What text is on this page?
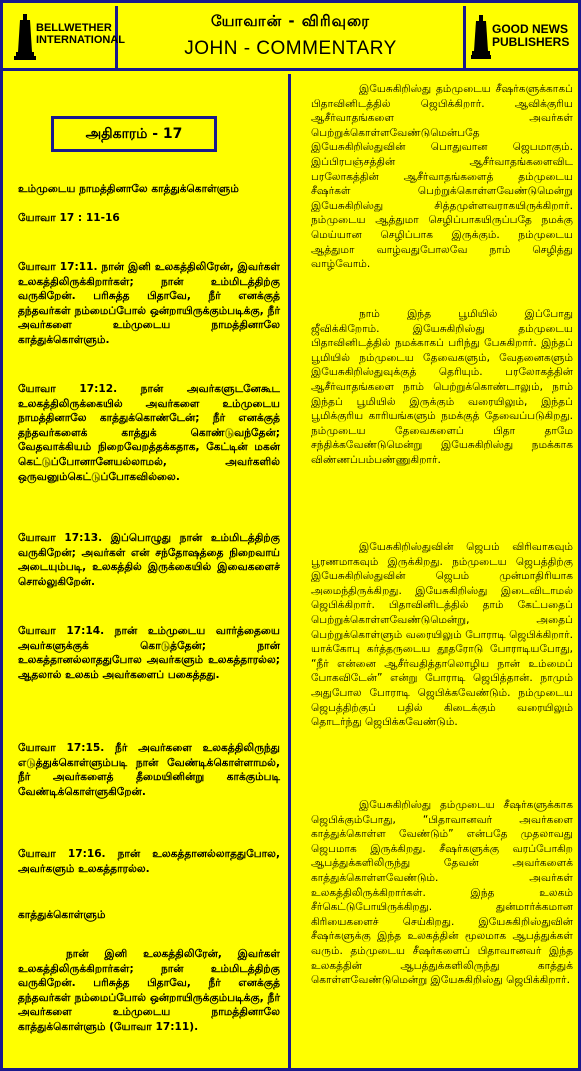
BELLWETHER INTERNATIONAL
யோவான் - விரிவுரை
JOHN - COMMENTARY
GOOD NEWS PUBLISHERS
அதிகாரம் - 17
உம்முடைய நாமத்தினாலே காத்துக்கொள்ளும்
யோவா 17 : 11-16
யோவா 17:11. நான் இனி உலகத்திலிரேன், இவர்கள் உலகத்திலிருக்கிறார்கள்; நான் உம்மிடத்திற்கு வருகிறேன். பரிசுத்த பிதாவே, நீர் எனக்குத் தந்தவர்கள் நம்மைப்போல் ஒன்றாயிருக்கும்படிக்கு, நீர் அவர்களை உம்முடைய நாமத்தினாலே காத்துக்கொள்ளும்.
யோவா 17:12. நான் அவர்களுடனேகூட உலகத்திலிருக்கையில் அவர்களை உம்முடைய நாமத்தினாலே காத்துக்கொண்டேன்; நீர் எனக்குத் தந்தவர்களைக் காத்துக் கொண்டுவந்தேன்; வேதவாக்கியம் நிறைவேறத்தக்கதாக, கேட்டின் மகன் கெட்டுப்போனானேயல்லாமல், அவர்களில் ஒருவனும்கெட்டுப்போகவில்லை.
யோவா 17:13. இப்பொழுது நான் உம்மிடத்திற்கு வருகிறேன்; அவர்கள் என் சந்தோஷத்தை நிறைவாய் அடையும்படி, உலகத்தில் இருக்கையில் இவைகளைச் சொல்லுகிறேன்.
யோவா 17:14. நான் உம்முடைய வார்த்தையை அவர்களுக்குக் கொடுத்தேன்; நான் உலகத்தானல்லாததுபோல அவர்களும் உலகத்தாரல்ல; ஆதலால் உலகம் அவர்களைப் பகைத்தது.
யோவா 17:15. நீர் அவர்களை உலகத்திலிருந்து எடுத்துக்கொள்ளும்படி நான் வேண்டிக்கொள்ளாமல், நீர் அவர்களைத் தீமையினின்று காக்கும்படி வேண்டிக்கொள்ளுகிறேன்.
யோவா 17:16. நான் உலகத்தானல்லாததுபோல, அவர்களும் உலகத்தாரல்ல.
காத்துக்கொள்ளும்
நான் இனி உலகத்திலிரேன், இவர்கள் உலகத்திலிருக்கிறார்கள்; நான் உம்மிடத்திற்கு வருகிறேன். பரிசுத்த பிதாவே, நீர் எனக்குத் தந்தவர்கள் நம்மைப்போல் ஒன்றாயிருக்கும்படிக்கு, நீர் அவர்களை உம்முடைய நாமத்தினாலே காத்துக்கொள்ளும் (யோவா 17:11).
இயேசுகிறிஸ்து தம்முடைய சீஷர்களுக்காகப் பிதாவினிடத்தில் ஜெபிக்கிறார். ஆவிக்குரிய ஆசீர்வாதங்களை அவர்கள் பெற்றுக்கொள்ளவேண்டுமென்பதே இயேசுகிறிஸ்துவின் பொதுவான ஜெபமாகும். இப்பிரபஞ்சத்தின் ஆசீர்வாதங்களைவிட பரலோகத்தின் ஆசீர்வாதங்களைத் தம்முடைய சீஷர்கள் பெற்றுக்கொள்ளவேண்டுமென்று இயேசுகிறிஸ்து சித்தமுள்ளவராகயிருக்கிறார். நம்முடைய ஆத்துமா செழிப்பாகயிருப்பதே நமக்கு மெய்யான செழிப்பாக இருக்கும். நம்முடைய ஆத்துமா வாழ்வதுபோலவே நாம் செழித்து வாழ்வோம்.
நாம் இந்த பூமியில் இப்போது ஜீவிக்கிறோம். இயேசுகிறிஸ்து தம்முடைய பிதாவினிடத்தில் நமக்காகப் பரிந்து பேசுகிறார். இந்தப் பூமியில் நம்முடைய தேவைகளும், வேதனைகளும் இயேசுகிறிஸ்துவுக்குத் தெரியும். பரலோகத்தின் ஆசீர்வாதங்களை நாம் பெற்றுக்கொண்டாலும், நாம் இந்தப் பூமியில் இருக்கும் வரையிலும், இந்தப் பூமிக்குரிய காரியங்களும் நமக்குத் தேவைப்படுகிறது. நம்முடைய தேவைகளைப் பிதா தாமே சந்திக்கவேண்டுமென்று இயேசுகிறிஸ்து நமக்காக விண்ணப்பம்பண்ணுகிறார்.
இயேசுகிறிஸ்துவின் ஜெபம் விரிவாகவும் பூரணமாகவும் இருக்கிறது. நம்முடைய ஜெபத்திற்கு இயேசுகிறிஸ்துவின் ஜெபம் முன்மாதிரியாக அமைந்திருக்கிறது. இயேசுகிறிஸ்து இடைவிடாமல் ஜெபிக்கிறார். பிதாவினிடத்தில் தாம் கேட்பதைப் பெற்றுக்கொள்ளவேண்டுமென்று, அதைப் பெற்றுக்கொள்ளும் வரையிலும் போராடி ஜெபிக்கிறார். யாக்கோபு கர்த்தருடைய தூதரோடு போராடியபோது, “நீர் என்னை ஆசீர்வதித்தாலொழிய நான் உம்மைப் போகவிடேன்” என்று போராடி ஜெபித்தான். நாமும் அதுபோல போராடி ஜெபிக்கவேண்டும். நம்முடைய ஜெபத்திற்குப் பதில் கிடைக்கும் வரையிலும் தொடர்ந்து ஜெபிக்கவேண்டும்.
இயேசுகிறிஸ்து தம்முடைய சீஷர்களுக்காக ஜெபிக்கும்போது, “பிதாவானவர் அவர்களை காத்துக்கொள்ள வேண்டும்” என்பதே முதலாவது ஜெபமாக இருக்கிறது. சீஷர்களுக்கு வரப்போகிற ஆபத்துக்களிலிருந்து தேவன் அவர்களைக் காத்துக்கொள்ளவேண்டும். அவர்கள் உலகத்திலிருக்கிறார்கள். இந்த உலகம் சீர்கெட்டுபோயிருக்கிறது. துன்மார்க்கமான கிரியைகளைச் செய்கிறது. இயேசுகிறிஸ்துவின் சீஷர்களுக்கு இந்த உலகத்தின் மூலமாக ஆபத்துக்கள் வரும். தம்முடைய சீஷர்களைப் பிதாவானவர் இந்த உலகத்தின் ஆபத்துக்களிலிருந்து காத்துக் கொள்ளவேண்டுமென்று இயேசுகிறிஸ்து ஜெபிக்கிறார்.
